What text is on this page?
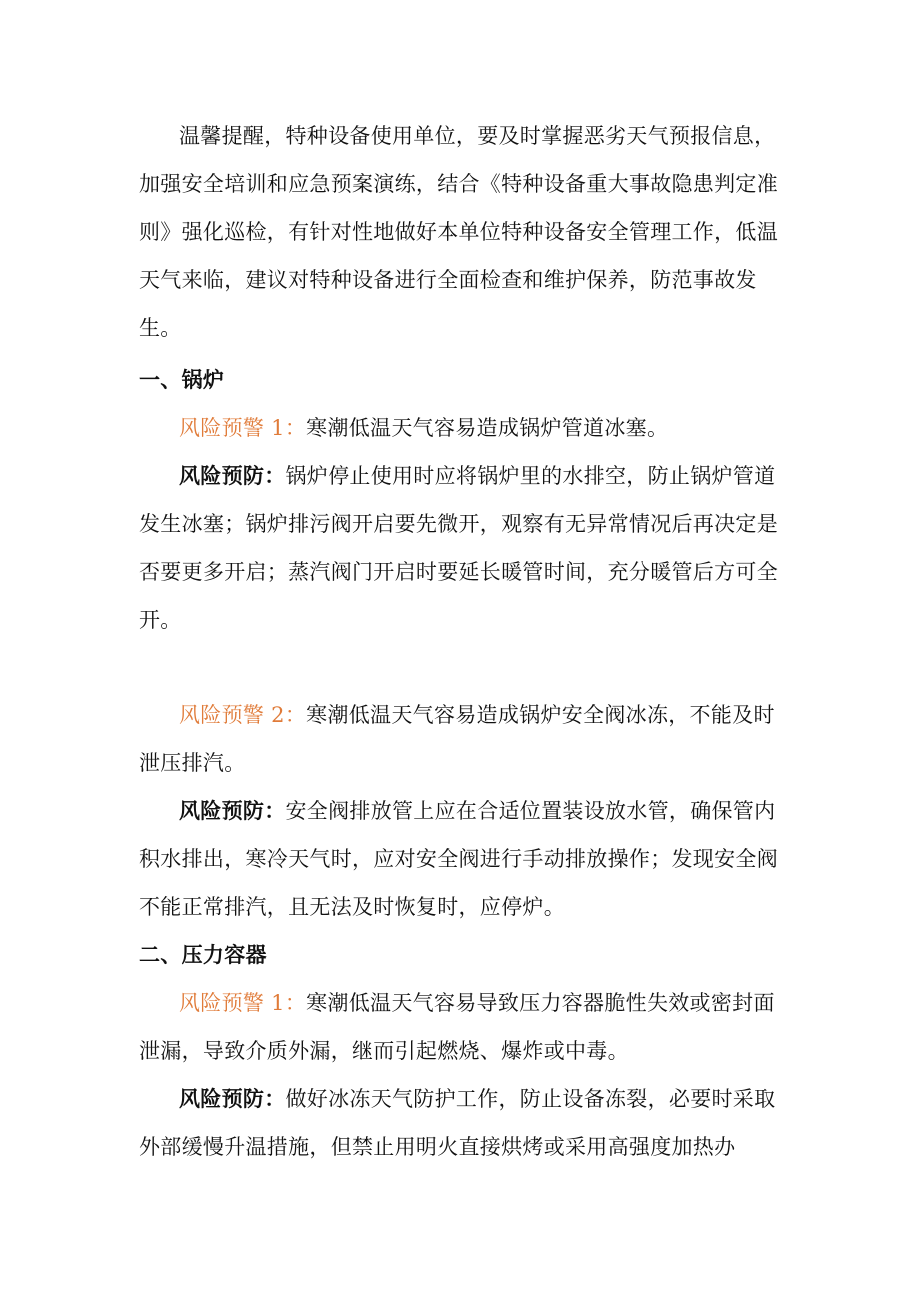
温馨提醒，特种设备使用单位，要及时掌握恶劣天气预报信息，加强安全培训和应急预案演练，结合《特种设备重大事故隐患判定准则》强化巡检，有针对性地做好本单位特种设备安全管理工作，低温天气来临，建议对特种设备进行全面检查和维护保养，防范事故发生。

一、锅炉

风险预警 1：寒潮低温天气容易造成锅炉管道冰塞。

风险预防：锅炉停止使用时应将锅炉里的水排空，防止锅炉管道发生冰塞；锅炉排污阀开启要先微开，观察有无异常情况后再决定是否要更多开启；蒸汽阀门开启时要延长暖管时间，充分暖管后方可全开。

风险预警 2：寒潮低温天气容易造成锅炉安全阀冰冻，不能及时泄压排汽。

风险预防：安全阀排放管上应在合适位置装设放水管，确保管内积水排出，寒冷天气时，应对安全阀进行手动排放操作；发现安全阀不能正常排汽，且无法及时恢复时，应停炉。

二、压力容器

风险预警 1：寒潮低温天气容易导致压力容器脆性失效或密封面泄漏，导致介质外漏，继而引起燃烧、爆炸或中毒。

风险预防：做好冰冻天气防护工作，防止设备冻裂，必要时采取外部缓慢升温措施，但禁止用明火直接烘烤或采用高强度加热办
